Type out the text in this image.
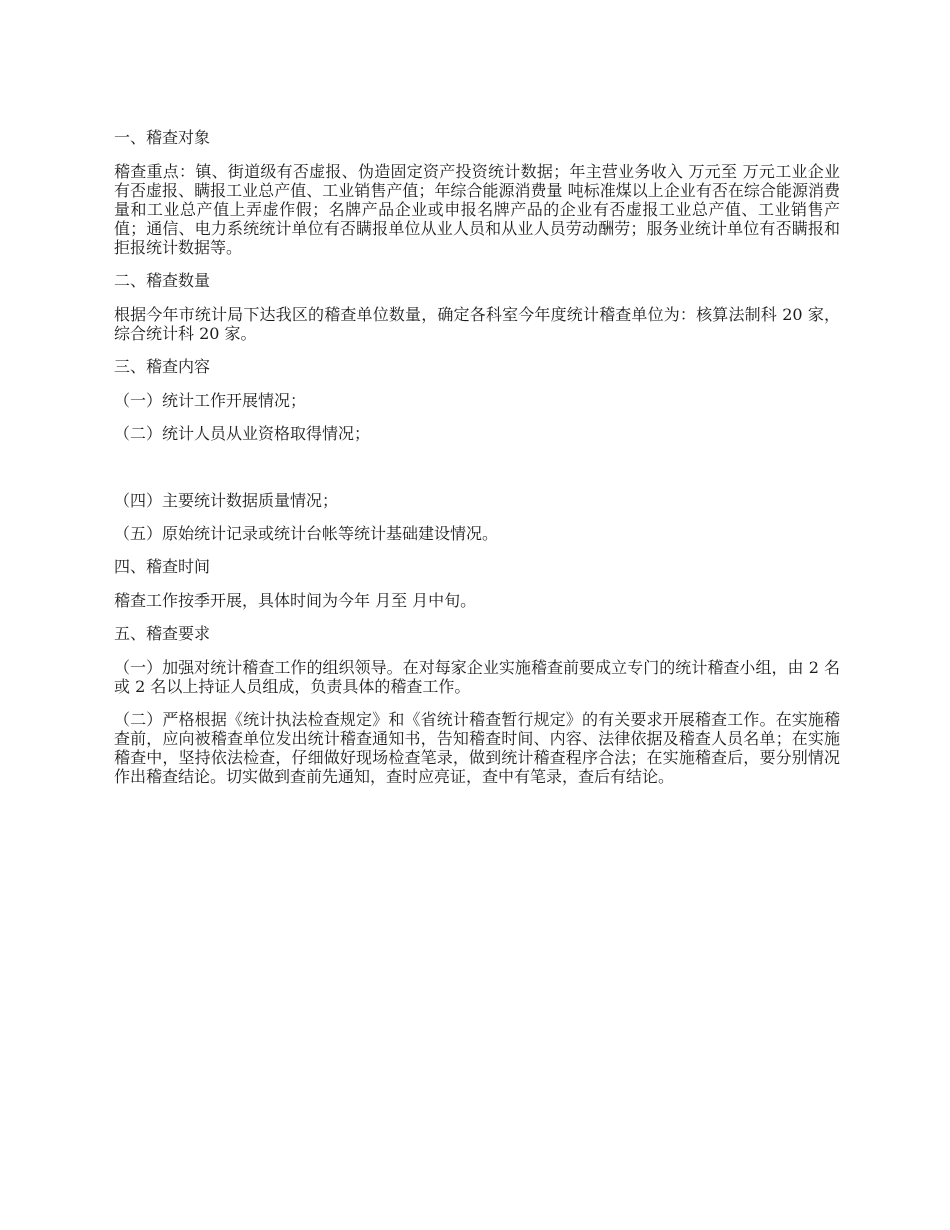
一、稽查对象
稽查重点：镇、街道级有否虚报、伪造固定资产投资统计数据；年主营业务收入 万元至 万元工业企业有否虚报、瞒报工业总产值、工业销售产值；年综合能源消费量 吨标准煤以上企业有否在综合能源消费量和工业总产值上弄虚作假；名牌产品企业或申报名牌产品的企业有否虚报工业总产值、工业销售产值；通信、电力系统统计单位有否瞒报单位从业人员和从业人员劳动酬劳；服务业统计单位有否瞒报和拒报统计数据等。
二、稽查数量
根据今年市统计局下达我区的稽查单位数量，确定各科室今年度统计稽查单位为：核算法制科 20 家，综合统计科 20 家。
三、稽查内容
（一）统计工作开展情况；
（二）统计人员从业资格取得情况；
（四）主要统计数据质量情况；
（五）原始统计记录或统计台帐等统计基础建设情况。
四、稽查时间
稽查工作按季开展，具体时间为今年 月至 月中旬。
五、稽查要求
（一）加强对统计稽查工作的组织领导。在对每家企业实施稽查前要成立专门的统计稽查小组，由 2 名或 2 名以上持证人员组成，负责具体的稽查工作。
（二）严格根据《统计执法检查规定》和《省统计稽查暂行规定》的有关要求开展稽查工作。在实施稽查前，应向被稽查单位发出统计稽查通知书，告知稽查时间、内容、法律依据及稽查人员名单；在实施稽查中，坚持依法检查，仔细做好现场检查笔录，做到统计稽查程序合法；在实施稽查后，要分别情况作出稽查结论。切实做到查前先通知，查时应亮证，查中有笔录，查后有结论。
